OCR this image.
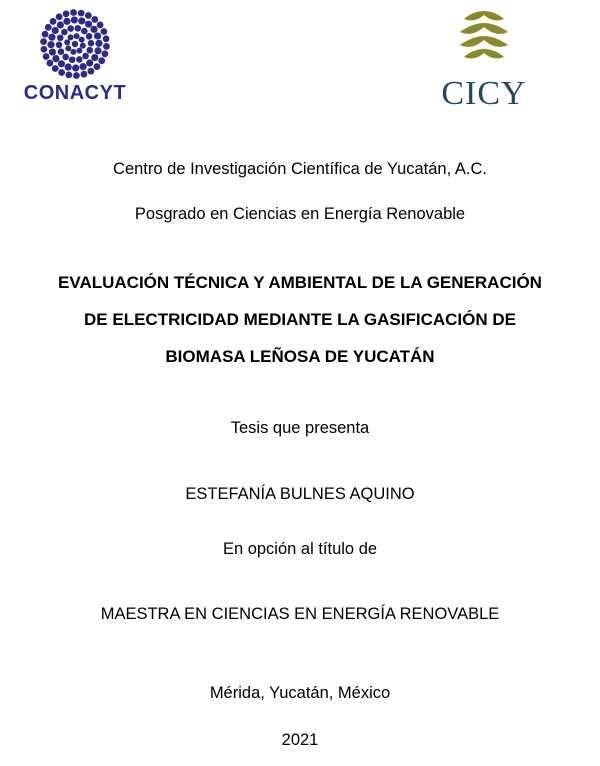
CONACYT	CICY
Centro de Investigación Científica de Yucatán, A.C.
Posgrado en Ciencias en Energía Renovable
EVALUACIÓN TÉCNICA Y AMBIENTAL DE LA GENERACIÓN
DE ELECTRICIDAD MEDIANTE LA GASIFICACIÓN DE
BIOMASA LEÑOSA DE YUCATÁN
Tesis que presenta
ESTEFANÍA BULNES AQUINO
En opción al título de
MAESTRA EN CIENCIAS EN ENERGÍA RENOVABLE
Mérida, Yucatán, México
2021
